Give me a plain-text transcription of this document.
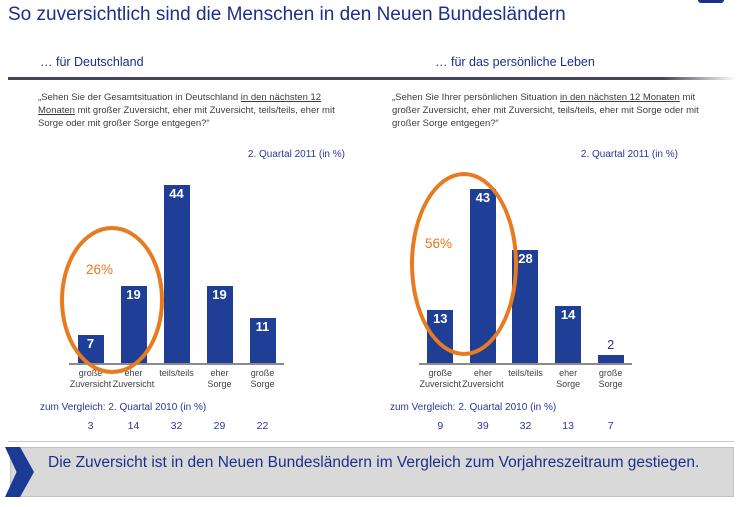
So zuversichtlich sind die Menschen in den Neuen Bundesländern
… für Deutschland	… für das persönliche Leben
„Sehen Sie der Gesamtsituation in Deutschland in den nächsten 12 Monaten mit großer Zuversicht, eher mit Zuversicht, teils/teils, eher mit Sorge oder mit großer Sorge entgegen?“
„Sehen Sie Ihrer persönlichen Situation in den nächsten 12 Monaten mit großer Zuversicht, eher mit Zuversicht, teils/teils, eher mit Sorge oder mit großer Sorge entgegen?“
2. Quartal 2011 (in %)	2. Quartal 2011 (in %)
7
19
44
19
11
große
Zuversicht
eher
Zuversicht
teils/teils	eher Sorge
große
Sorge
13
43
28
14
2
große
Zuversicht
eher
Zuversicht
teils/teils	eher Sorge
große
Sorge
26%
56%
zum Vergleich: 2. Quartal 2010 (in %)
3	14	32	29	22
zum Vergleich: 2. Quartal 2010 (in %)
9	39	32	13	7
Die Zuversicht ist in den Neuen Bundesländern im Vergleich zum Vorjahreszeitraum gestiegen.
